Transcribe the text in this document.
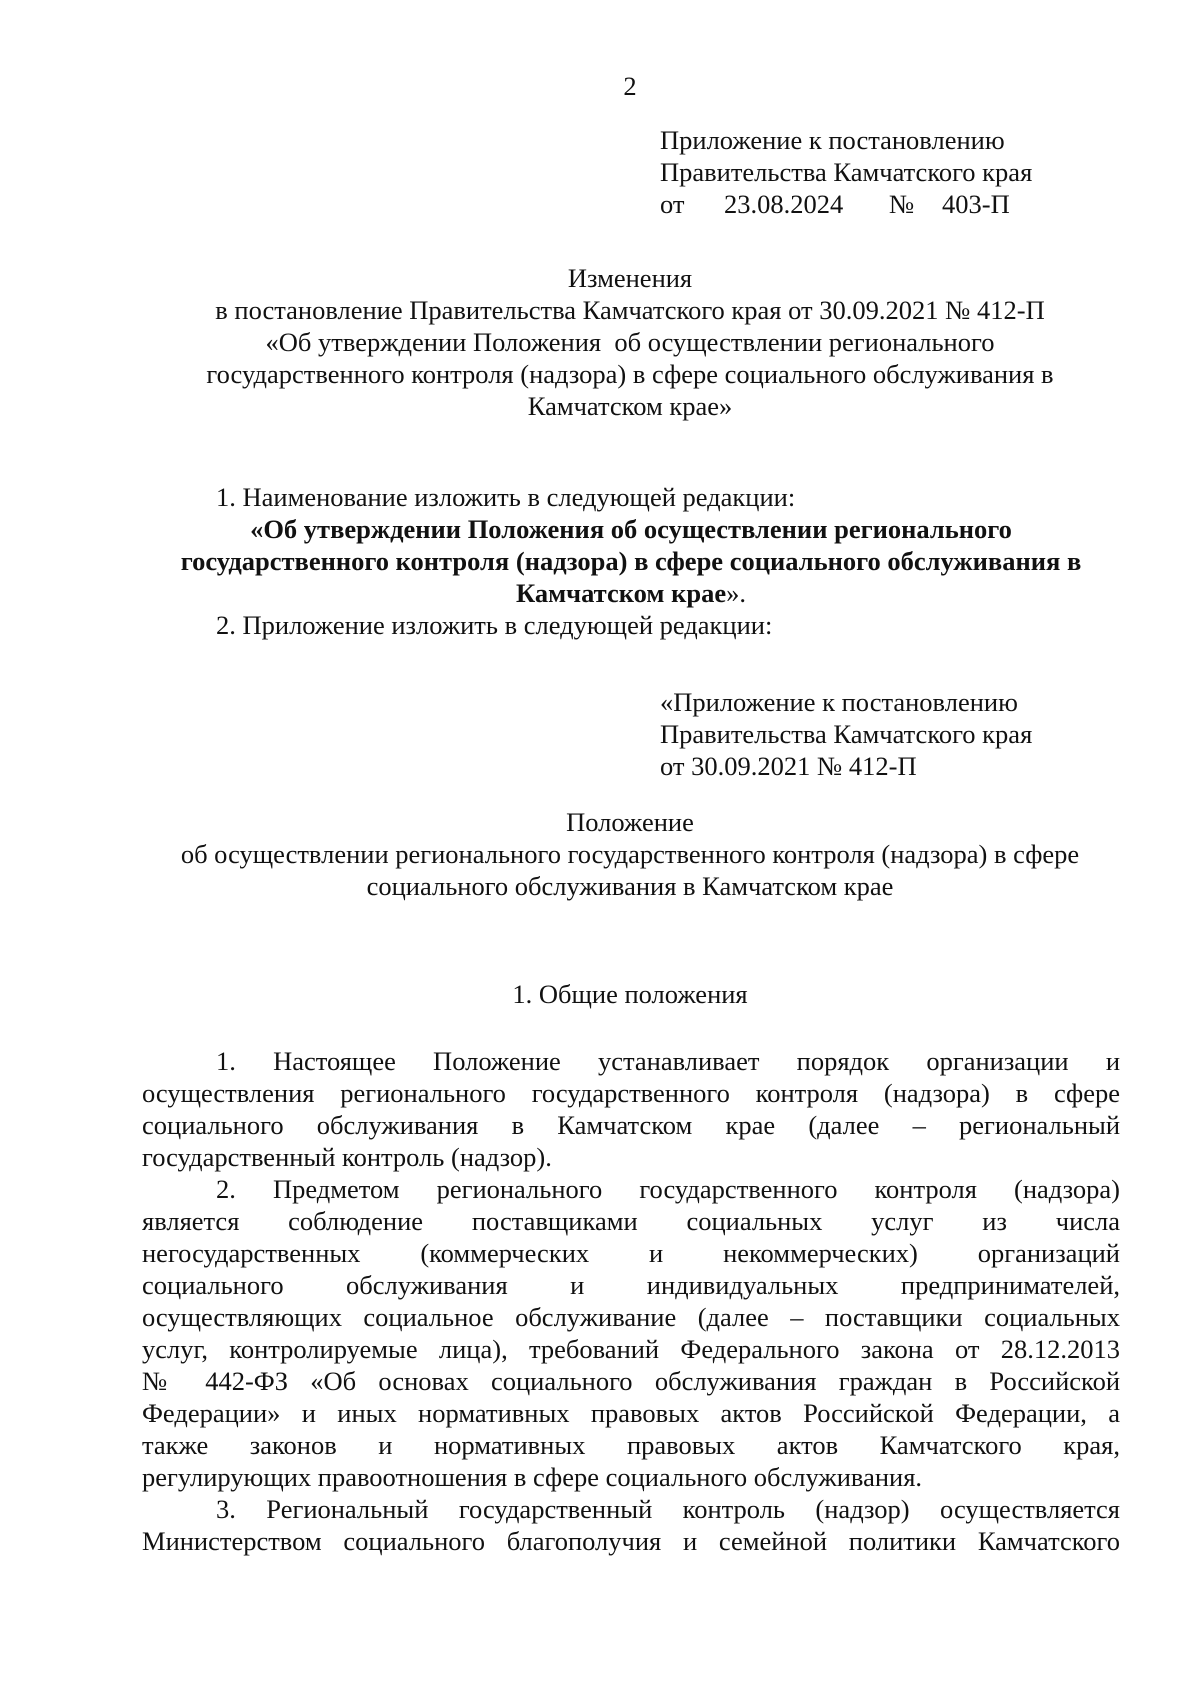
2
Приложение к постановлению
Правительства Камчатского края
от	23.08.2024	№	403-П
Изменения
в постановление Правительства Камчатского края от 30.09.2021 № 412-П
«Об утверждении Положения  об осуществлении регионального
государственного контроля (надзора) в сфере социального обслуживания в
Камчатском крае»
1. Наименование изложить в следующей редакции:
«Об утверждении Положения об осуществлении регионального
государственного контроля (надзора) в сфере социального обслуживания в
Камчатском крае».
2. Приложение изложить в следующей редакции:
«Приложение к постановлению
Правительства Камчатского края
от 30.09.2021 № 412-П
Положение
об осуществлении регионального государственного контроля (надзора) в сфере
социального обслуживания в Камчатском крае
1. Общие положения
1. Настоящее Положение устанавливает порядок организации и
осуществления регионального государственного контроля (надзора) в сфере
социального обслуживания в Камчатском крае (далее – региональный
государственный контроль (надзор).
2. Предметом регионального государственного контроля (надзора)
является соблюдение поставщиками социальных услуг из числа
негосударственных (коммерческих и некоммерческих) организаций
социального обслуживания и индивидуальных предпринимателей,
осуществляющих социальное обслуживание (далее – поставщики социальных
услуг, контролируемые лица), требований Федерального закона от 28.12.2013
№ 442-ФЗ «Об основах социального обслуживания граждан в Российской
Федерации» и иных нормативных правовых актов Российской Федерации, а
также законов и нормативных правовых актов Камчатского края,
регулирующих правоотношения в сфере социального обслуживания.
3. Региональный государственный контроль (надзор) осуществляется
Министерством социального благополучия и семейной политики Камчатского
